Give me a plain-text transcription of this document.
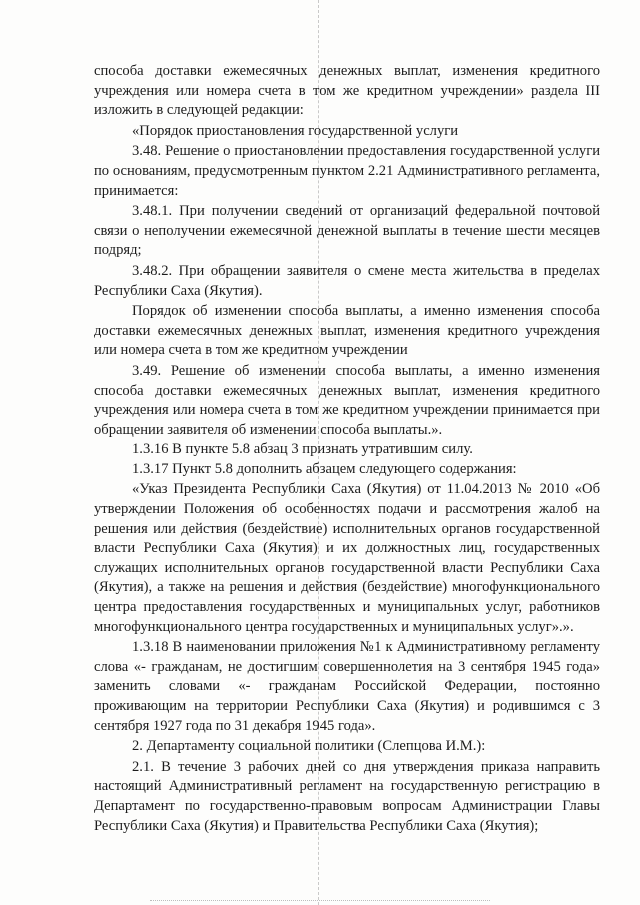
способа доставки ежемесячных денежных выплат, изменения кредитного учреждения или номера счета в том же кредитном учреждении» раздела III изложить в следующей редакции:

«Порядок приостановления государственной услуги

3.48. Решение о приостановлении предоставления государственной услуги по основаниям, предусмотренным пунктом 2.21 Административного регламента, принимается:

3.48.1. При получении сведений от организаций федеральной почтовой связи о неполучении ежемесячной денежной выплаты в течение шести месяцев подряд;

3.48.2. При обращении заявителя о смене места жительства в пределах Республики Саха (Якутия).

Порядок об изменении способа выплаты, а именно изменения способа доставки ежемесячных денежных выплат, изменения кредитного учреждения или номера счета в том же кредитном учреждении

3.49. Решение об изменении способа выплаты, а именно изменения способа доставки ежемесячных денежных выплат, изменения кредитного учреждения или номера счета в том же кредитном учреждении принимается при обращении заявителя об изменении способа выплаты.».

1.3.16 В пункте 5.8 абзац 3 признать утратившим силу.

1.3.17 Пункт 5.8 дополнить абзацем следующего содержания:

«Указ Президента Республики Саха (Якутия) от 11.04.2013 № 2010 «Об утверждении Положения об особенностях подачи и рассмотрения жалоб на решения или действия (бездействие) исполнительных органов государственной власти Республики Саха (Якутия) и их должностных лиц, государственных служащих исполнительных органов государственной власти Республики Саха (Якутия), а также на решения и действия (бездействие) многофункционального центра предоставления государственных и муниципальных услуг, работников многофункционального центра государственных и муниципальных услуг».».

1.3.18 В наименовании приложения №1 к Административному регламенту слова «- гражданам, не достигшим совершеннолетия на 3 сентября 1945 года» заменить словами «- гражданам Российской Федерации, постоянно проживающим на территории Республики Саха (Якутия) и родившимся с 3 сентября 1927 года по 31 декабря 1945 года».

2. Департаменту социальной политики (Слепцова И.М.):

2.1. В течение 3 рабочих дней со дня утверждения приказа направить настоящий Административный регламент на государственную регистрацию в Департамент по государственно-правовым вопросам Администрации Главы Республики Саха (Якутия) и Правительства Республики Саха (Якутия);
